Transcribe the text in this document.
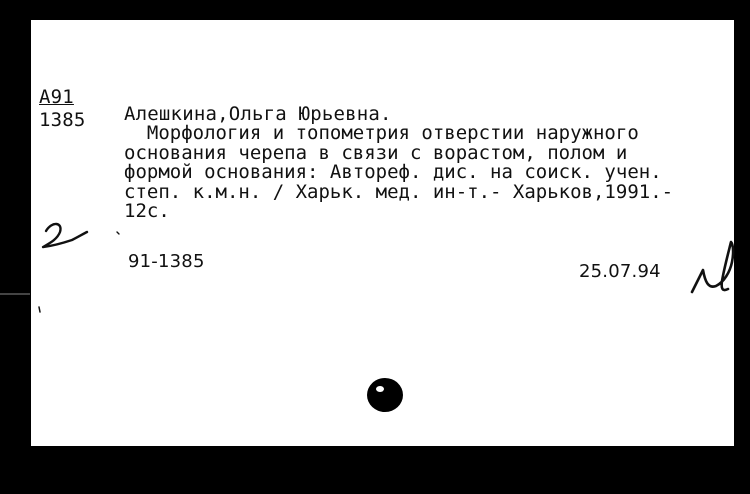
А91
1385 Алешкина,Ольга Юрьевна.
Морфология и топометрия отверстии наружного
основания черепа в связи с ворастом, полом и
формой основания: Автореф. дис. на соиск. учен.
степ. к.м.н. / Харьк. мед. ин-т.- Харьков,1991.-
12с.
91-1385	25.07.94
